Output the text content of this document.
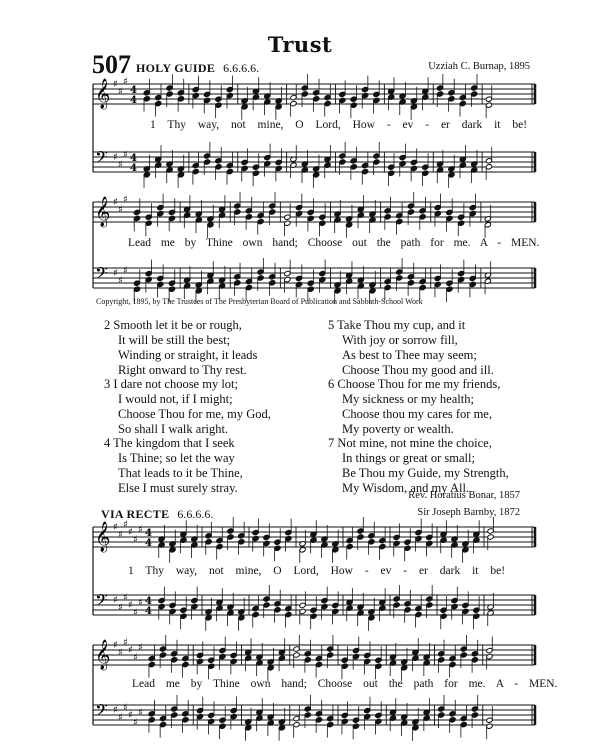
Trust
507 HOLY GUIDE 6.6.6.6.	Uzziah C. Burnap, 1895
𝄞 ♯
♯
♯
4
4
𝄢 ♯
♯
♯ 4
4
𝄞 ♯
♯
♯
𝄢 ♯
♯
♯
𝄞 ♯
♯
♯
♯
♯
♯ 4
4
𝄢 ♯
♯
♯
♯
♯
♯ 4
4
𝄞 ♯
♯
♯
♯
♯
♯
𝄢 ♯
♯
♯
♯
♯
♯
1 Thy way, not mine, O Lord, How - ev - er dark it be!
Lead me by Thine own hand; Choose out the path for me. A - MEN.
Copyright, 1895, by The Trustees of The Presbyterian Board of Publication and Sabbath-School Work
2 Smooth let it be or rough,
It will be still the best;
Winding or straight, it leads
Right onward to Thy rest.
3 I dare not choose my lot;
I would not, if I might;
Choose Thou for me, my God,
So shall I walk aright.
4 The kingdom that I seek
Is Thine; so let the way
That leads to it be Thine,
Else I must surely stray.
5 Take Thou my cup, and it
With joy or sorrow fill,
As best to Thee may seem;
Choose Thou my good and ill.
6 Choose Thou for me my friends,
My sickness or my health;
Choose thou my cares for me,
My poverty or wealth.
7 Not mine, not mine the choice,
In things or great or small;
Be Thou my Guide, my Strength,
My Wisdom, and my All.
Rev. Horatius Bonar, 1857
VIA RECTE 6.6.6.6.	Sir Joseph Barnby, 1872
1 Thy way, not mine, O Lord, How - ev - er dark it be!
Lead me by Thine own hand; Choose out the path for me. A - MEN.
